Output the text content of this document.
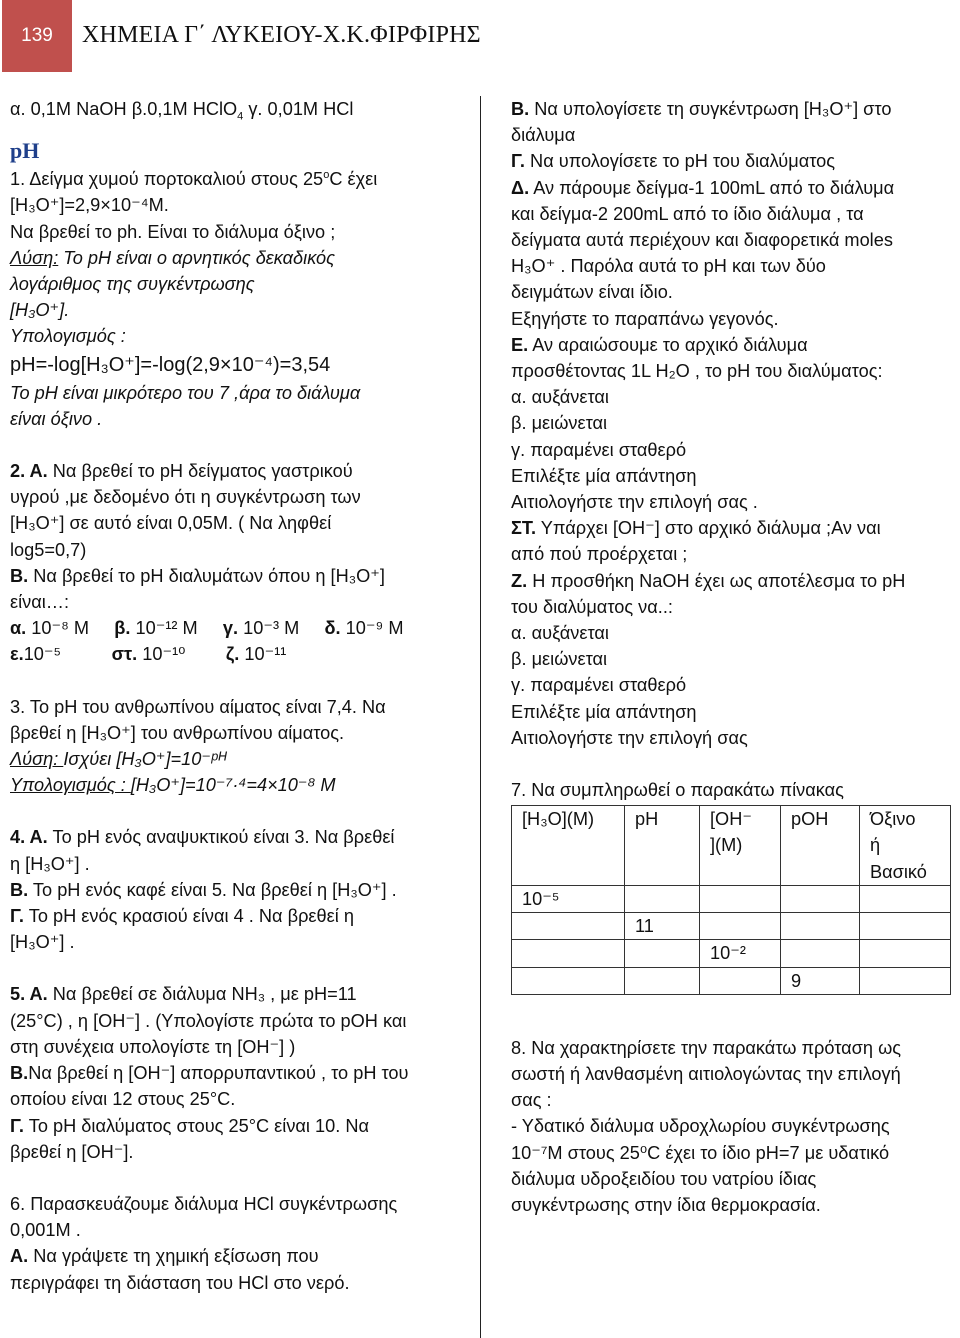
139	ΧΗΜΕΙΑ Γ΄ ΛΥΚΕΙΟΥ-Χ.Κ.ΦΙΡΦΙΡΗΣ

α. 0,1M NaOH β.0,1M HClO$_4$ γ. 0,01M HCl

pH

1. Δείγμα χυμού πορτοκαλιού στους 25$^o$C έχει

[H₃O⁺]=2,9×10⁻⁴M.

Να βρεθεί το ph. Είναι το διάλυμα όξινο ;

Λύση: Το pH είναι ο αρνητικός δεκαδικός

λογάριθμος της συγκέντρωσης

[H₃O⁺].

Υπολογισμός :

pH=-log[H₃O⁺]=-log(2,9×10⁻⁴)=3,54

Το pH είναι μικρότερο του 7 ,άρα το διάλυμα

είναι όξινο .

2. Α. Να βρεθεί το pH δείγματος γαστρικού

υγρού ,με δεδομένο ότι η συγκέντρωση των

[H₃O⁺] σε αυτό είναι 0,05M. ( Να ληφθεί

log5=0,7)

Β. Να βρεθεί το pH διαλυμάτων όπου η [H₃O⁺]

είναι…:

α. 10⁻⁸ Μ β. 10⁻¹² Μ γ. 10⁻³ Μ δ. 10⁻⁹ Μ

ε.10⁻⁵	στ. 10⁻¹⁰ ζ. 10⁻¹¹

3. Το pH του ανθρωπίνου αίματος είναι 7,4. Να

βρεθεί η [H₃O⁺] του ανθρωπίνου αίματος.

Λύση: Ισχύει [H₃O⁺]=10⁻ᵖᴴ

Υπολογισμός : [H₃O⁺]=10⁻⁷·⁴=4×10⁻⁸ M

4. Α. Το pH ενός αναψυκτικού είναι 3. Να βρεθεί

η [H₃O⁺] .

Β. Το pH ενός καφέ είναι 5. Να βρεθεί η [H₃O⁺] .

Γ. Το pH ενός κρασιού είναι 4 . Να βρεθεί η

[H₃O⁺] .

5. Α. Να βρεθεί σε διάλυμα NH₃ , με pH=11

(25°C) , η [OH⁻] . (Υπολογίστε πρώτα το pOH και

στη συνέχεια υπολογίστε τη [OH⁻] )

Β.Να βρεθεί η [OH⁻] απορρυπαντικού , το pH του

οποίου είναι 12 στους 25°C.

Γ. Το pH διαλύματος στους 25°C είναι 10. Να

βρεθεί η [OH⁻].

6. Παρασκευάζουμε διάλυμα HCl συγκέντρωσης

0,001M .

Α. Να γράψετε τη χημική εξίσωση που

περιγράφει τη διάσταση του HCl στο νερό.

Β. Να υπολογίσετε τη συγκέντρωση [H₃O⁺] στο

διάλυμα

Γ. Να υπολογίσετε το pH του διαλύματος

Δ. Αν πάρουμε δείγμα-1 100mL από το διάλυμα

και δείγμα-2 200mL από το ίδιο διάλυμα , τα

δείγματα αυτά περιέχουν και διαφορετικά moles

H₃O⁺ . Παρόλα αυτά το pH και των δύο

δειγμάτων είναι ίδιο.

Εξηγήστε το παραπάνω γεγονός.

Ε. Αν αραιώσουμε το αρχικό διάλυμα

προσθέτοντας 1L H₂O , το pH του διαλύματος:

α. αυξάνεται

β. μειώνεται

γ. παραμένει σταθερό

Επιλέξτε μία απάντηση

Αιτιολογήστε την επιλογή σας .

ΣΤ. Υπάρχει [OH⁻] στο αρχικό διάλυμα ;Αν ναι

από πού προέρχεται ;

Ζ. Η προσθήκη NaOH έχει ως αποτέλεσμα το pH

του διαλύματος να..:

α. αυξάνεται

β. μειώνεται

γ. παραμένει σταθερό

Επιλέξτε μία απάντηση

Αιτιολογήστε την επιλογή σας

7. Να συμπληρωθεί ο παρακάτω πίνακας

[H₃O](M)	pH	[OH⁻
](M)	pOH	Όξινο
ή
Βασικό
10⁻⁵				
	11			
		10⁻²		
			9	

8. Να χαρακτηρίσετε την παρακάτω πρόταση ως

σωστή ή λανθασμένη αιτιολογώντας την επιλογή

σας :

- Υδατικό διάλυμα υδροχλωρίου συγκέντρωσης

10⁻⁷M στους 25⁰C έχει το ίδιο pH=7 με υδατικό

διάλυμα υδροξειδίου του νατρίου ίδιας

συγκέντρωσης στην ίδια θερμοκρασία.
